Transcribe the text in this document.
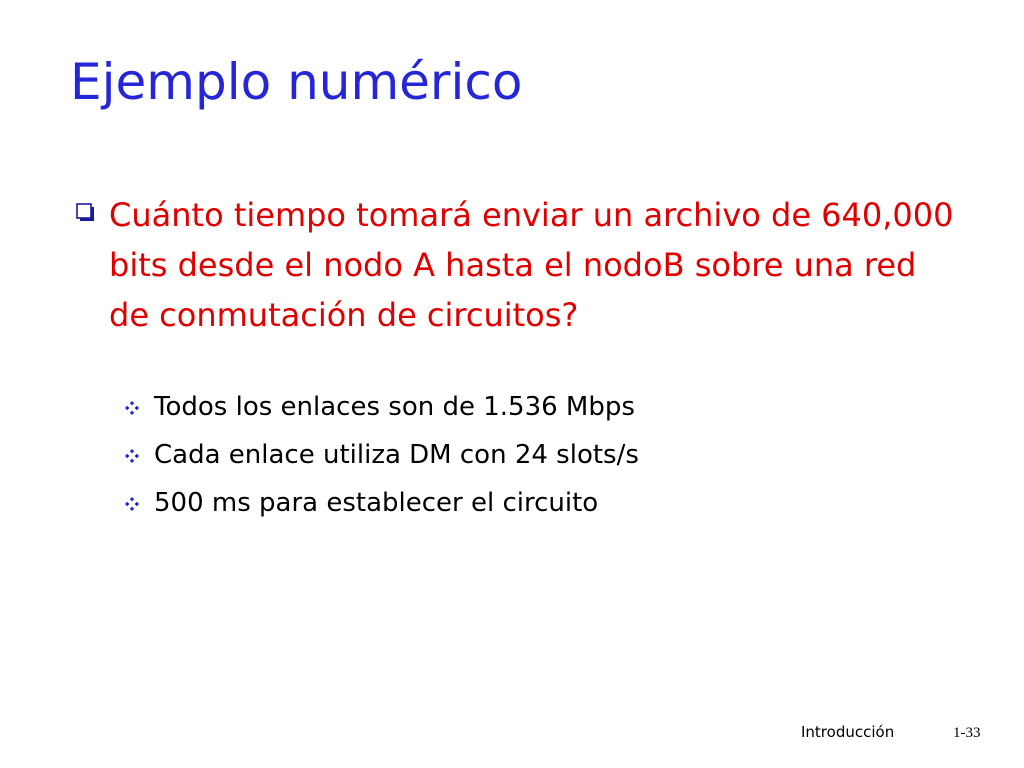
Ejemplo numérico

Cuánto tiempo tomará enviar un archivo de 640,000 bits desde el nodo A hasta el nodoB sobre una red de conmutación de circuitos?

Todos los enlaces son de 1.536 Mbps
Cada enlace utiliza DM con 24 slots/s
500 ms para establecer el circuito
Introducción	1-33
